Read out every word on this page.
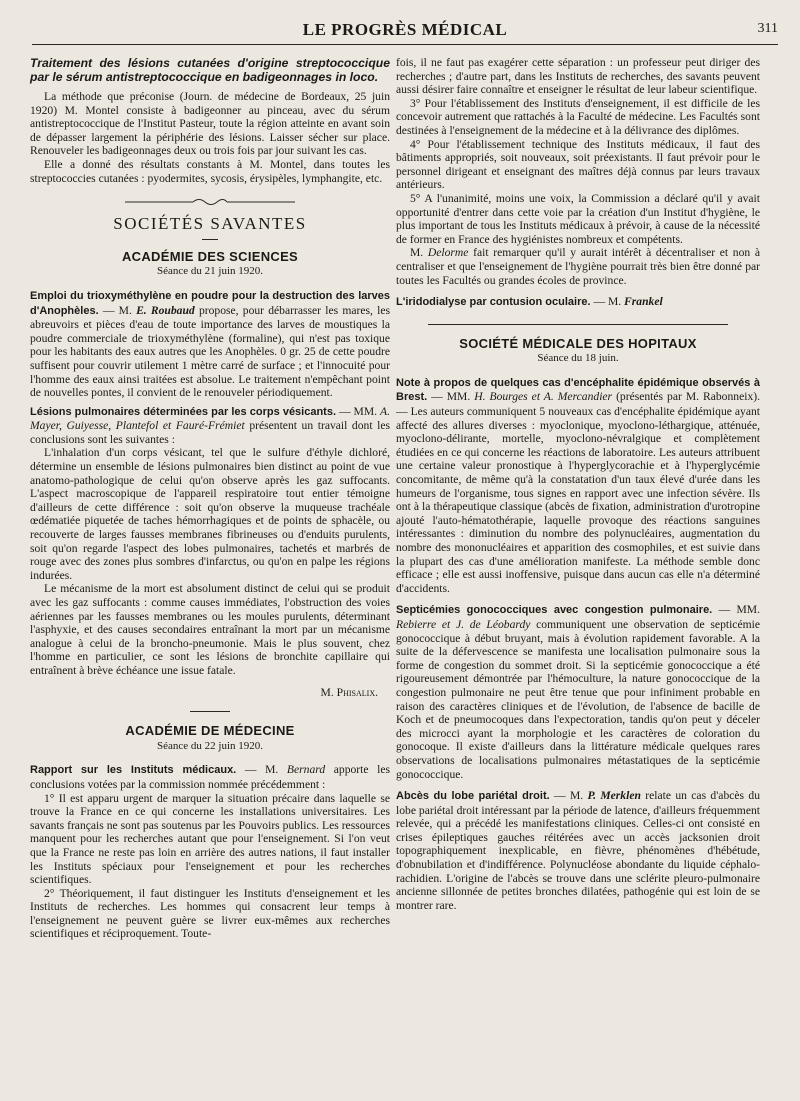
LE PROGRÈS MÉDICAL	311

Traitement des lésions cutanées d'origine streptococcique par le sérum antistreptococcique en badigeonnages in loco.

La méthode que préconise (Journ. de médecine de Bordeaux, 25 juin 1920) M. Montel consiste à badigeonner au pinceau, avec du sérum antistreptococcique de l'Institut Pasteur, toute la région atteinte en avant soin de dépasser largement la périphérie des lésions. Laisser sécher sur place. Renouveler les badigeonnages deux ou trois fois par jour suivant les cas.

Elle a donné des résultats constants à M. Montel, dans toutes les streptococcies cutanées : pyodermites, sycosis, érysipèles, lymphangite, etc.

SOCIÉTÉS SAVANTES
ACADÉMIE DES SCIENCES
Séance du 21 juin 1920.

Emploi du trioxyméthylène en poudre pour la destruction des larves d'Anophèles. — M. E. Roubaud propose, pour débarrasser les mares, les abreuvoirs et pièces d'eau de toute importance des larves de moustiques la poudre commerciale de trioxyméthylène (formaline), qui n'est pas toxique pour les habitants des eaux autres que les Anophèles. 0 gr. 25 de cette poudre suffisent pour couvrir utilement 1 mètre carré de surface ; et l'innocuité pour l'homme des eaux ainsi traitées est absolue. Le traitement n'empêchant point de nouvelles pontes, il convient de le renouveler périodiquement.

Lésions pulmonaires déterminées par les corps vésicants. — MM. A. Mayer, Guiyesse, Plantefol et Fauré-Frémiet présentent un travail dont les conclusions sont les suivantes :

L'inhalation d'un corps vésicant, tel que le sulfure d'éthyle dichloré, détermine un ensemble de lésions pulmonaires bien distinct au point de vue anatomo-pathologique de celui qu'on observe après les gaz suffocants. L'aspect macroscopique de l'appareil respiratoire tout entier témoigne d'ailleurs de cette différence : soit qu'on observe la muqueuse trachéale œdématiée piquetée de taches hémorrhagiques et de points de sphacèle, ou recouverte de larges fausses membranes fibrineuses ou d'enduits purulents, soit qu'on regarde l'aspect des lobes pulmonaires, tachetés et marbrés de rouge avec des zones plus sombres d'infarctus, ou qu'on en palpe les régions indurées.

Le mécanisme de la mort est absolument distinct de celui qui se produit avec les gaz suffocants : comme causes immédiates, l'obstruction des voies aériennes par les fausses membranes ou les moules purulents, déterminant l'asphyxie, et des causes secondaires entraînant la mort par un mécanisme analogue à celui de la broncho-pneumonie. Mais le plus souvent, chez l'homme en particulier, ce sont les lésions de bronchite capillaire qui entraînent à brève échéance une issue fatale.

M. Phisalix.
ACADÉMIE DE MÉDECINE
Séance du 22 juin 1920.

Rapport sur les Instituts médicaux. — M. Bernard apporte les conclusions votées par la commission nommée précédemment :

1° Il est apparu urgent de marquer la situation précaire dans laquelle se trouve la France en ce qui concerne les installations universitaires. Les savants français ne sont pas soutenus par les Pouvoirs publics. Les ressources manquent pour les recherches autant que pour l'enseignement. Si l'on veut que la France ne reste pas loin en arrière des autres nations, il faut installer les Instituts spéciaux pour l'enseignement et pour les recherches scientifiques.

2° Théoriquement, il faut distinguer les Instituts d'enseignement et les Instituts de recherches. Les hommes qui consacrent leur temps à l'enseignement ne peuvent guère se livrer eux-mêmes aux recherches scientifiques et réciproquement. Toute-

fois, il ne faut pas exagérer cette séparation : un professeur peut diriger des recherches ; d'autre part, dans les Instituts de recherches, des savants peuvent aussi désirer faire connaître et enseigner le résultat de leur labeur scientifique.

3° Pour l'établissement des Instituts d'enseignement, il est difficile de les concevoir autrement que rattachés à la Faculté de médecine. Les Facultés sont destinées à l'enseignement de la médecine et à la délivrance des diplômes.

4° Pour l'établissement technique des Instituts médicaux, il faut des bâtiments appropriés, soit nouveaux, soit préexistants. Il faut prévoir pour le personnel dirigeant et enseignant des maîtres déjà connus par leurs travaux antérieurs.

5° A l'unanimité, moins une voix, la Commission a déclaré qu'il y avait opportunité d'entrer dans cette voie par la création d'un Institut d'hygiène, le plus important de tous les Instituts médicaux à prévoir, à cause de la nécessité de former en France des hygiénistes nombreux et compétents.

M. Delorme fait remarquer qu'il y aurait intérêt à décentraliser et non à centraliser et que l'enseignement de l'hygiène pourrait très bien être donné par toutes les Facultés ou grandes écoles de province.

L'iridodialyse par contusion oculaire. — M. Frankel

SOCIÉTÉ MÉDICALE DES HOPITAUX
Séance du 18 juin.

Note à propos de quelques cas d'encéphalite épidémique observés à Brest. — MM. H. Bourges et A. Mercandier (présentés par M. Rabonneix). — Les auteurs communiquent 5 nouveaux cas d'encéphalite épidémique ayant affecté des allures diverses : myoclonique, myoclono-léthargique, atténuée, myoclono-délirante, mortelle, myoclono-névralgique et complètement étudiées en ce qui concerne les réactions de laboratoire. Les auteurs attribuent une certaine valeur pronostique à l'hyperglycorachie et à l'hyperglycémie concomitante, de même qu'à la constatation d'un taux élevé d'urée dans les humeurs de l'organisme, tous signes en rapport avec une infection sévère. Ils ont à la thérapeutique classique (abcès de fixation, administration d'urotropine ajouté l'auto-hématothérapie, laquelle provoque des réactions sanguines intéressantes : diminution du nombre des polynucléaires, augmentation du nombre des mononucléaires et apparition des cosmophiles, et est suivie dans la plupart des cas d'une amélioration manifeste. La méthode semble donc efficace ; elle est aussi inoffensive, puisque dans aucun cas elle n'a déterminé d'accidents.

Septicémies gonococciques avec congestion pulmonaire. — MM. Rebierre et J. de Léobardy communiquent une observation de septicémie gonococcique à début bruyant, mais à évolution rapidement favorable. A la suite de la défervescence se manifesta une localisation pulmonaire sous la forme de congestion du sommet droit. Si la septicémie gonococcique a été rigoureusement démontrée par l'hémoculture, la nature gonococcique de la congestion pulmonaire ne peut être tenue que pour infiniment probable en raison des caractères cliniques et de l'évolution, de l'absence de bacille de Koch et de pneumocoques dans l'expectoration, tandis qu'on peut y déceler des microcci ayant la morphologie et les caractères de coloration du gonocoque. Il existe d'ailleurs dans la littérature médicale quelques rares observations de localisations pulmonaires métastatiques de la septicémie gonococcique.

Abcès du lobe pariétal droit. — M. P. Merklen relate un cas d'abcès du lobe pariétal droit intéressant par la période de latence, d'ailleurs fréquemment relevée, qui a précédé les manifestations cliniques. Celles-ci ont consisté en crises épileptiques gauches réitérées avec un accès jacksonien droit topographiquement inexplicable, en fièvre, phénomènes d'hébétude, d'obnubilation et d'indifférence. Polynucléose abondante du liquide céphalo-rachidien. L'origine de l'abcès se trouve dans une sclérite pleuro-pulmonaire ancienne sillonnée de petites bronches dilatées, pathogénie qui est loin de se montrer rare.
